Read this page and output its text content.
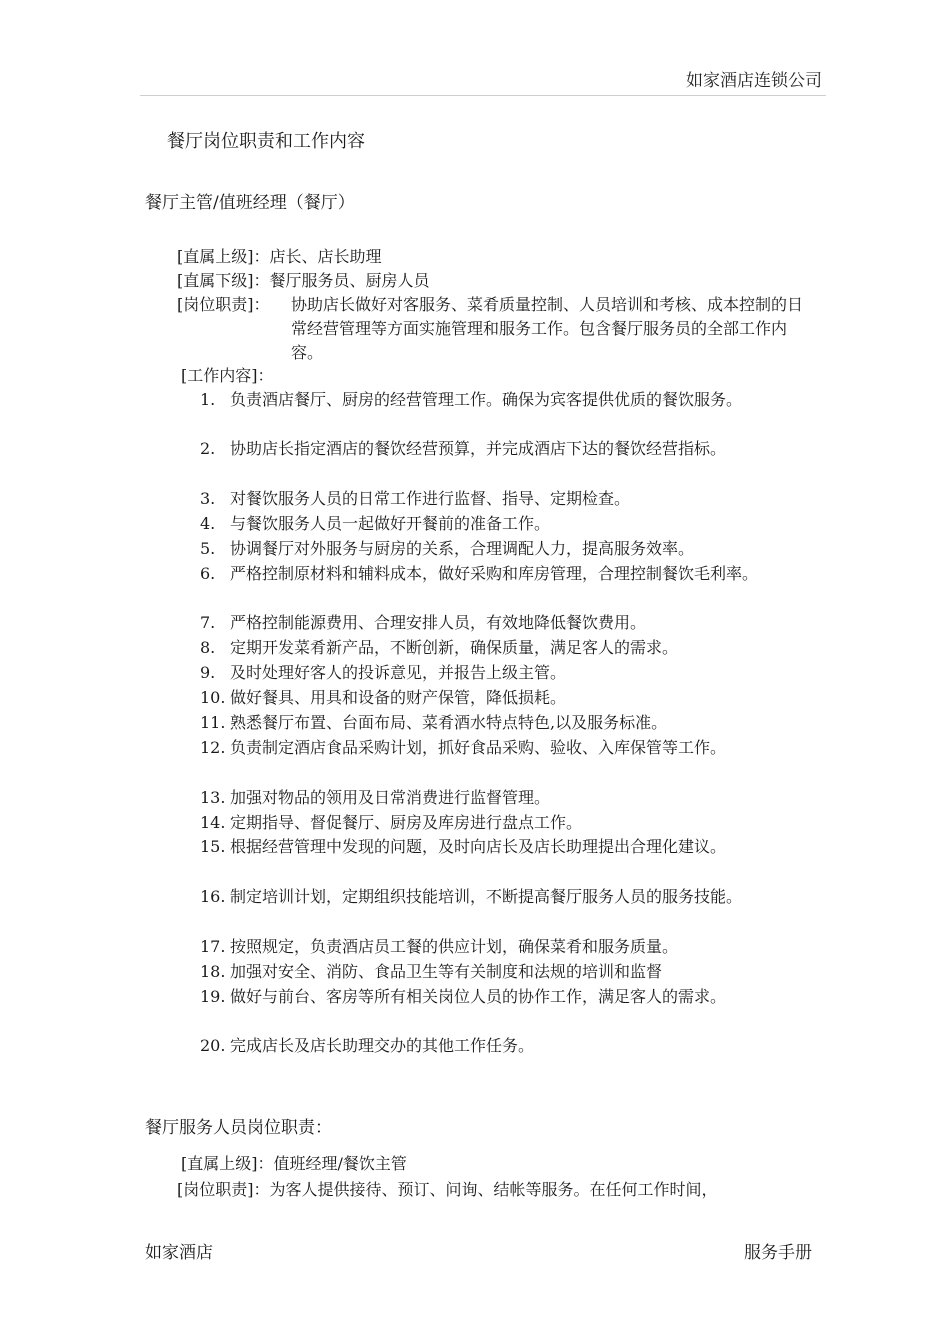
如家酒店连锁公司
餐厅岗位职责和工作内容
餐厅主管/值班经理（餐厅）
[直属上级]：店长、店长助理
[直属下级]：餐厅服务员、厨房人员
[岗位职责]： 协助店长做好对客服务、菜肴质量控制、人员培训和考核、成本控制的日常经营管理等方面实施管理和服务工作。包含餐厅服务员的全部工作内容。
[工作内容]：
1. 负责酒店餐厅、厨房的经营管理工作。确保为宾客提供优质的餐饮服务。
2. 协助店长指定酒店的餐饮经营预算，并完成酒店下达的餐饮经营指标。
3. 对餐饮服务人员的日常工作进行监督、指导、定期检查。
4. 与餐饮服务人员一起做好开餐前的准备工作。
5. 协调餐厅对外服务与厨房的关系，合理调配人力，提高服务效率。
6. 严格控制原材料和辅料成本，做好采购和库房管理，合理控制餐饮毛利率。
7. 严格控制能源费用、合理安排人员，有效地降低餐饮费用。
8. 定期开发菜肴新产品，不断创新，确保质量，满足客人的需求。
9. 及时处理好客人的投诉意见，并报告上级主管。
10. 做好餐具、用具和设备的财产保管，降低损耗。
11. 熟悉餐厅布置、台面布局、菜肴酒水特点特色,以及服务标准。
12. 负责制定酒店食品采购计划，抓好食品采购、验收、入库保管等工作。
13. 加强对物品的领用及日常消费进行监督管理。
14. 定期指导、督促餐厅、厨房及库房进行盘点工作。
15. 根据经营管理中发现的问题，及时向店长及店长助理提出合理化建议。
16. 制定培训计划，定期组织技能培训，不断提高餐厅服务人员的服务技能。
17. 按照规定，负责酒店员工餐的供应计划，确保菜肴和服务质量。
18. 加强对安全、消防、食品卫生等有关制度和法规的培训和监督
19. 做好与前台、客房等所有相关岗位人员的协作工作，满足客人的需求。
20. 完成店长及店长助理交办的其他工作任务。
餐厅服务人员岗位职责：
[直属上级]：值班经理/餐饮主管
[岗位职责]：为客人提供接待、预订、问询、结帐等服务。在任何工作时间，
如家酒店	服务手册
